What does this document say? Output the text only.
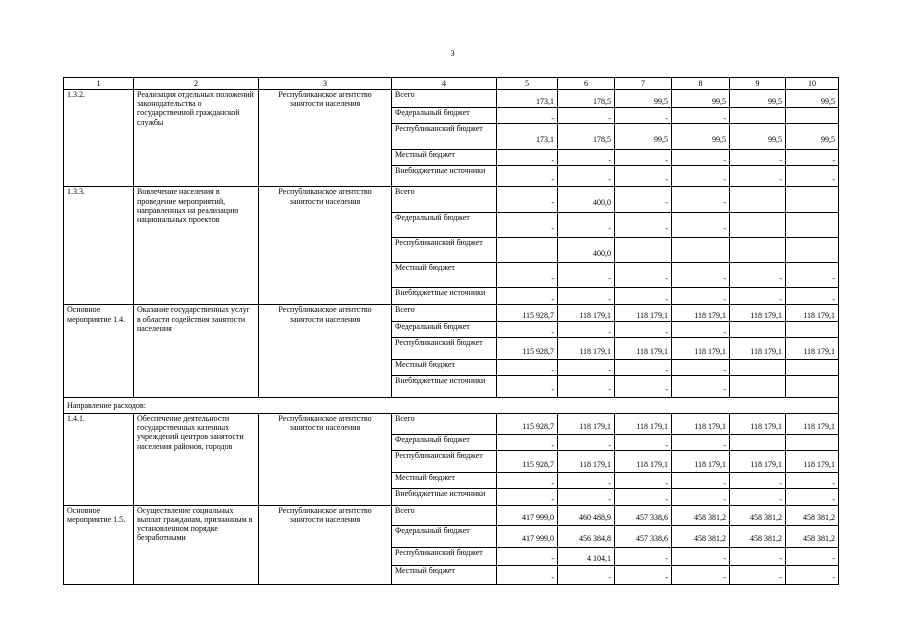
3
1	2	3	4	5	6	7	8	9	10
1.3.2.	Реализация отдельных положений законодательства о государственной гражданской службы	Республиканское агентство занятости населения	Всего	173,1	178,5	99,5	99,5	99,5	99,5
			Федеральный бюджет	-	-	-	-		
			Республиканский бюджет	173,1	178,5	99,5	99,5	99,5	99,5
			Местный бюджет	-	-	-	-	-	-
			Внебюджетные источники	-	-	-	-	-	-
1.3.3.	Вовлечение населения в проведение мероприятий, направленных на реализацию национальных проектов	Республиканское агентство занятости населения	Всего	-	400,0	-	-		
			Федеральный бюджет	-	-	-	-		
			Республиканский бюджет		400,0				
			Местный бюджет	-	-	-	-	-	-
			Внебюджетные источники	-	-	-	-	-	-
Основное мероприятие 1.4.	Оказание государственных услуг в области содействия занятости населения	Республиканское агентство занятости населения	Всего	115 928,7	118 179,1	118 179,1	118 179,1	118 179,1	118 179,1
			Федеральный бюджет	-	-	-	-		
			Республиканский бюджет	115 928,7	118 179,1	118 179,1	118 179,1	118 179,1	118 179,1
			Местный бюджет	-	-	-	-		
			Внебюджетные источники	-	-	-	-		
Направление расходов:									
1.4.1.	Обеспечение деятельности государственных казенных учреждений центров занятости населения районов, городов	Республиканское агентство занятости населения	Всего	115 928,7	118 179,1	118 179,1	118 179,1	118 179,1	118 179,1
			Федеральный бюджет	-	-	-	-		
			Республиканский бюджет	115 928,7	118 179,1	118 179,1	118 179,1	118 179,1	118 179,1
			Местный бюджет	-	-	-	-	-	-
			Внебюджетные источники	-	-	-	-	-	-
Основное мероприятие 1.5.	Осуществление социальных выплат гражданам, признанным в установленном порядке безработными	Республиканское агентство занятости населения	Всего	417 999,0	460 488,9	457 338,6	458 381,2	458 381,2	458 381,2
			Федеральный бюджет	417 999,0	456 384,8	457 338,6	458 381,2	458 381,2	458 381,2
			Республиканский бюджет	-	4 104,1	-	-	-	-
			Местный бюджет	-	-	-	-	-	-
